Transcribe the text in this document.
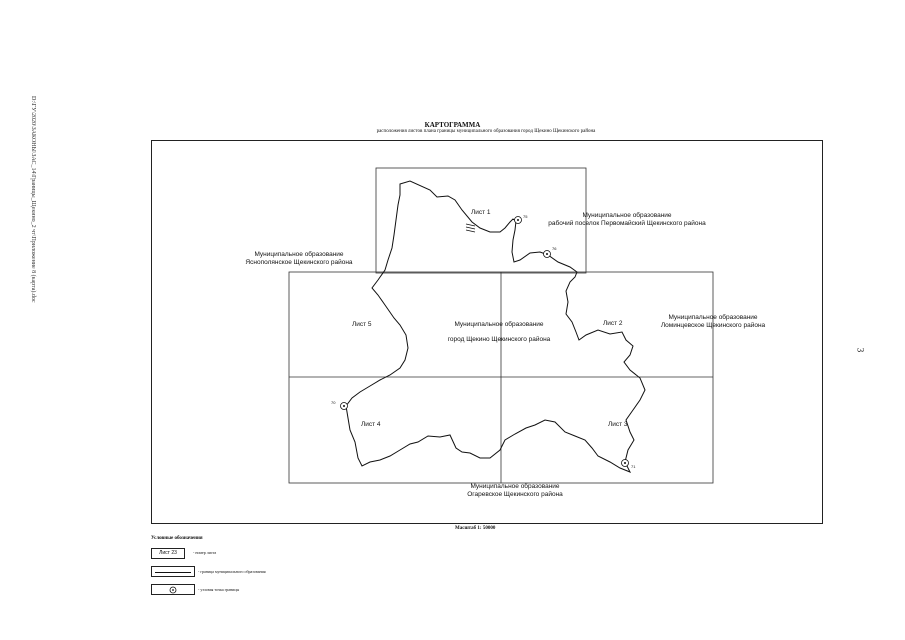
КАРТОГРАММА
расположения листов плана границы муниципального образования город Щекино Щекинского района
D:\ГУ\2020\ЗАКОНЫ\ЗАС_14\Границы_Щекино_2 чт\Приложение 8 (карта).doc
3
Лист 1
Лист 2
Лист 3
Лист 4
Лист 5
75
76
70
71
Муниципальное образование
город Щекино Щекинского района
Муниципальное образование
рабочий поселок Первомайский Щекинского района
Муниципальное образование
Яснополянское Щекинского района
Муниципальное образование
Ломинцевское Щекинского района
Муниципальное образование
Огаревское Щекинского района
Масштаб 1: 50000
Условные обозначения
Лист 23	- номер листа
- граница муниципального образования
- узловая точка границы
